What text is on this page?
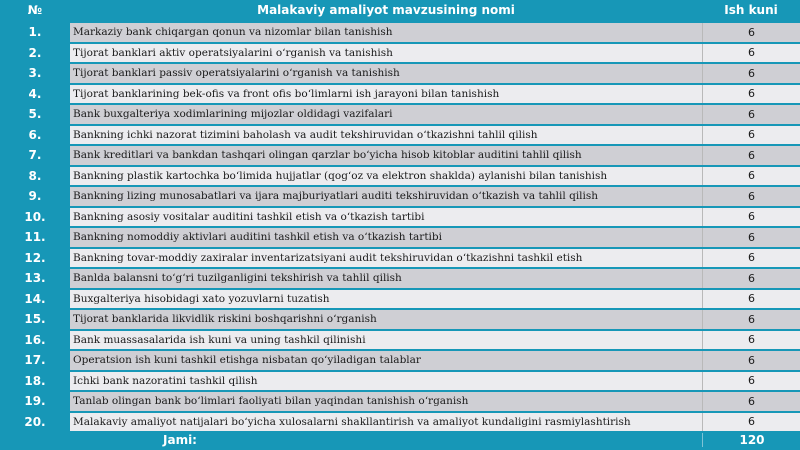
№	Malakaviy amaliyot mavzusining nomi	Ish kuni
1.	Markaziy bank chiqargan qonun va nizomlar bilan tanishish	6
2.	Tijorat banklari aktiv operatsiyalarini o‘rganish va tanishish	6
3.	Tijorat banklari passiv operatsiyalarini o‘rganish va tanishish	6
4.	Tijorat banklarining bek-ofis va front ofis bo‘limlarni ish jarayoni bilan tanishish	6
5.	Bank buxgalteriya xodimlarining mijozlar oldidagi vazifalari	6
6.	Bankning ichki nazorat tizimini baholash va audit tekshiruvidan o‘tkazishni tahlil qilish	6
7.	Bank kreditlari va bankdan tashqari olingan qarzlar bo‘yicha hisob kitoblar auditini tahlil qilish	6
8.	Bankning plastik kartochka bo‘limida hujjatlar (qog‘oz va elektron shaklda) aylanishi bilan tanishish	6
9.	Bankning lizing munosabatlari va ijara majburiyatlari auditi tekshiruvidan o‘tkazish va tahlil qilish	6
10.	Bankning asosiy vositalar auditini tashkil etish va o‘tkazish tartibi	6
11.	Bankning nomoddiy aktivlari auditini tashkil etish va o‘tkazish tartibi	6
12.	Bankning tovar-moddiy zaxiralar inventarizatsiyani audit tekshiruvidan o‘tkazishni tashkil etish	6
13.	Banlda balansni to‘g‘ri tuzilganligini tekshirish va tahlil qilish	6
14.	Buxgalteriya hisobidagi xato yozuvlarni tuzatish	6
15.	Tijorat banklarida likvidlik riskini boshqarishni o‘rganish	6
16.	Bank muassasalarida ish kuni va uning tashkil qilinishi	6
17.	Operatsion ish kuni tashkil etishga nisbatan qo‘yiladigan talablar	6
18.	Ichki bank nazoratini tashkil qilish	6
19.	Tanlab olingan bank bo‘limlari faoliyati bilan yaqindan tanishish o‘rganish	6
20.	Malakaviy amaliyot natijalari bo‘yicha xulosalarni shakllantirish va amaliyot kundaligini rasmiylashtirish	6
Jami:	120
